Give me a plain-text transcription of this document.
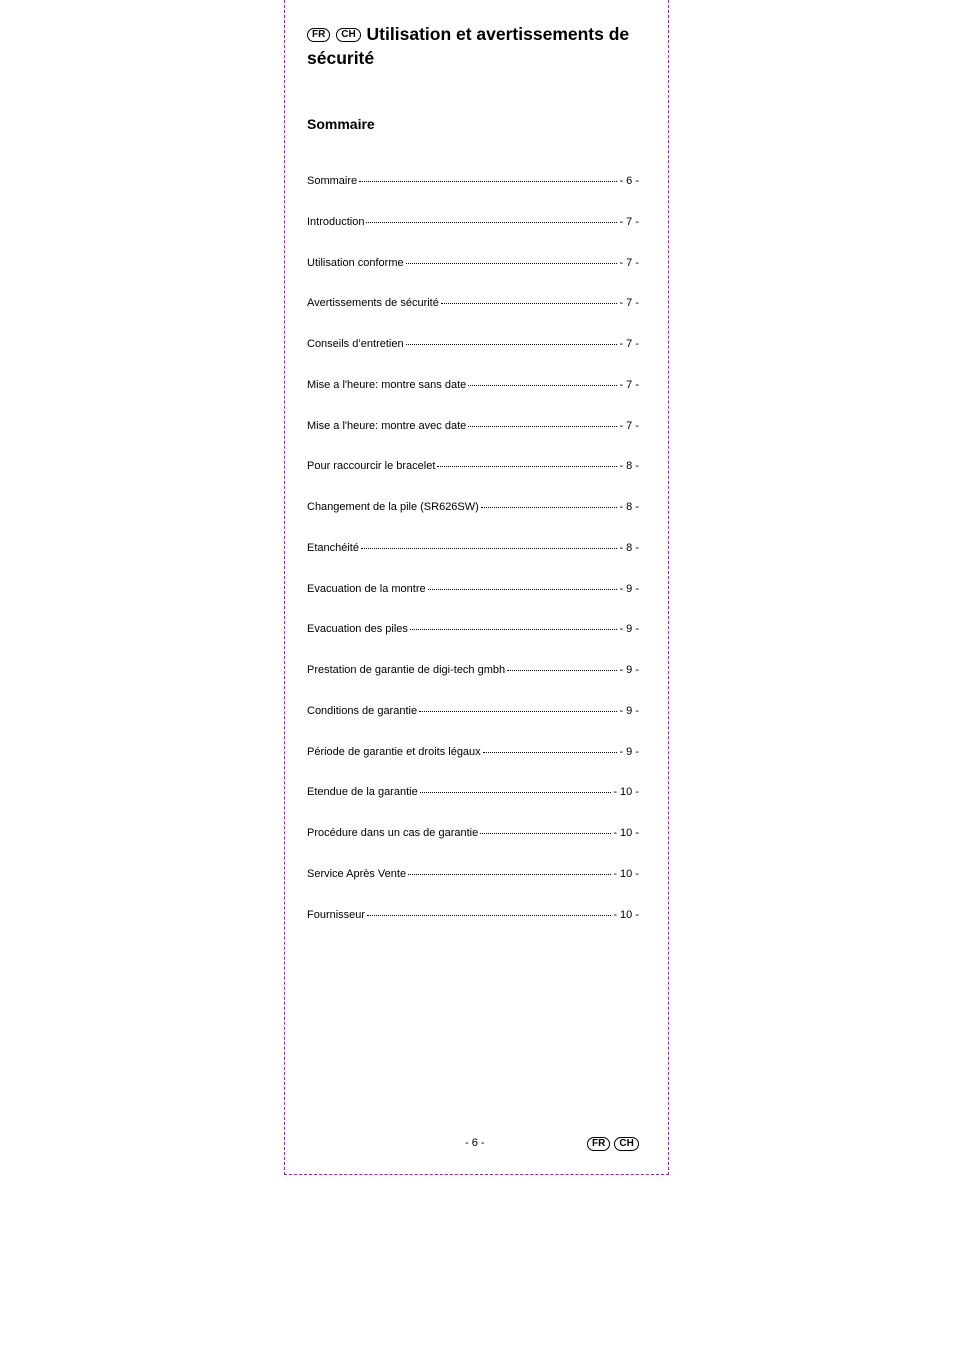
FR CH Utilisation et avertissements de sécurité
Sommaire
Sommaire	- 6 -
Introduction	- 7 -
Utilisation conforme	- 7 -
Avertissements de sécurité	- 7 -
Conseils d’entretien	- 7 -
Mise a l'heure: montre sans date	- 7 -
Mise a l'heure: montre avec date	- 7 -
Pour raccourcir le bracelet	- 8 -
Changement de la pile (SR626SW)	- 8 -
Etanchéité	- 8 -
Evacuation de la montre	- 9 -
Evacuation des piles	- 9 -
Prestation de garantie de digi-tech gmbh	- 9 -
Conditions de garantie	- 9 -
Période de garantie et droits légaux	- 9 -
Etendue de la garantie	- 10 -
Procédure dans un cas de garantie	- 10 -
Service Après Vente	- 10 -
Fournisseur	- 10 -
- 6 -	FR CH
